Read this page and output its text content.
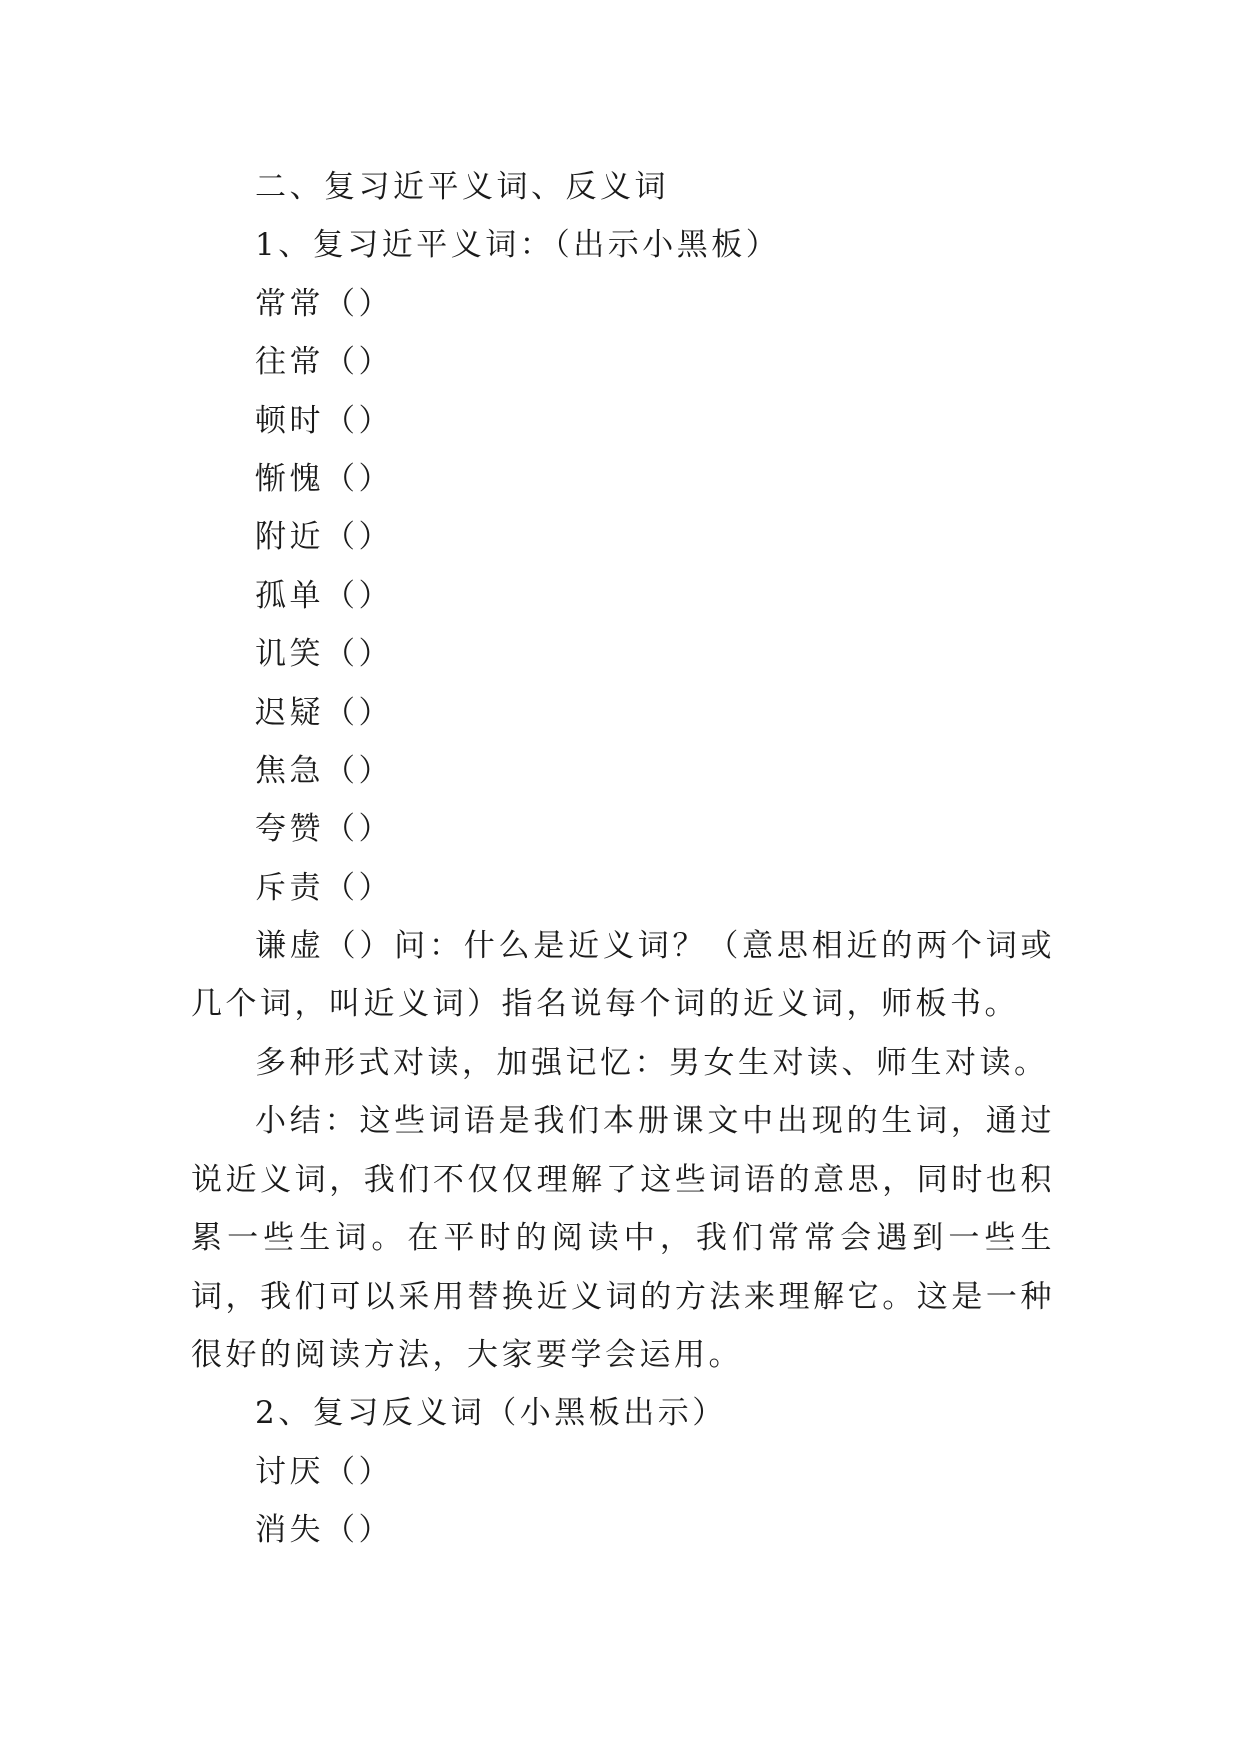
二、复习近平义词、反义词
1、复习近平义词：（出示小黑板）
常常（）
往常（）
顿时（）
惭愧（）
附近（）
孤单（）
讥笑（）
迟疑（）
焦急（）
夸赞（）
斥责（）
谦虚（）问：什么是近义词？（意思相近的两个词或几个词，叫近义词）指名说每个词的近义词，师板书。
多种形式对读，加强记忆：男女生对读、师生对读。
小结：这些词语是我们本册课文中出现的生词，通过说近义词，我们不仅仅理解了这些词语的意思，同时也积累一些生词。在平时的阅读中，我们常常会遇到一些生词，我们可以采用替换近义词的方法来理解它。这是一种很好的阅读方法，大家要学会运用。
2、复习反义词（小黑板出示）
讨厌（）
消失（）
